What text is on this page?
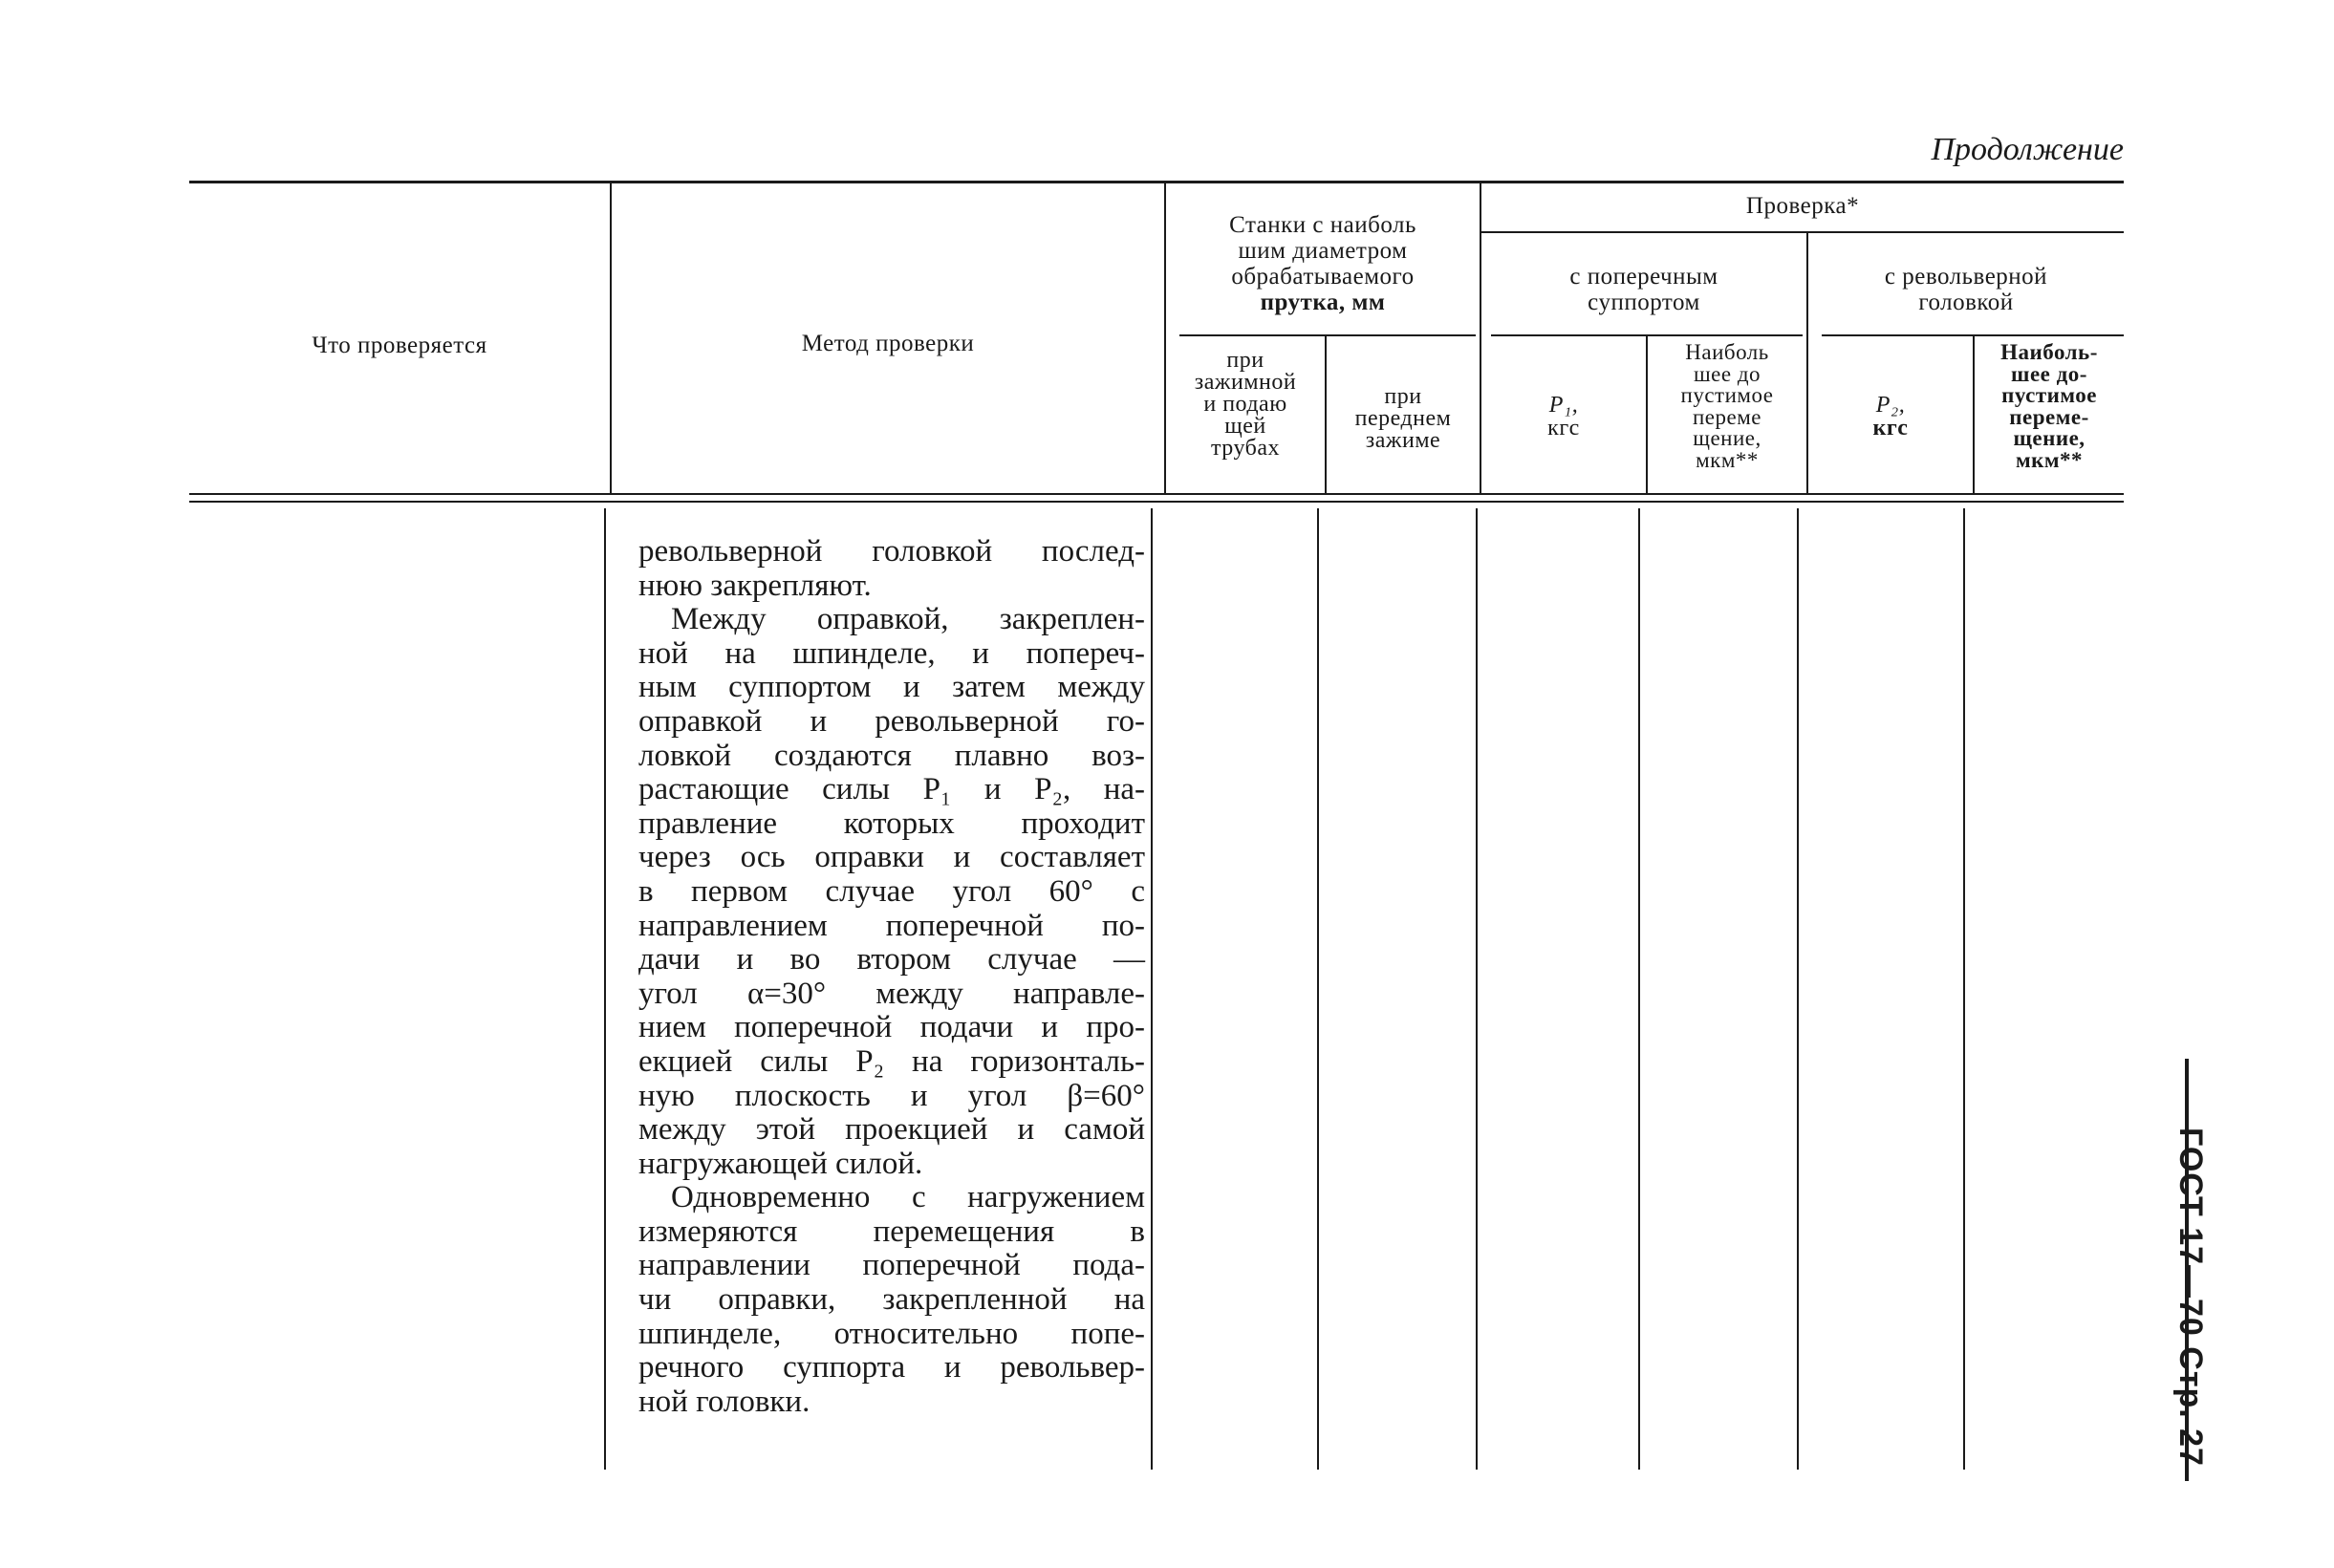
Продолжение
Что проверяется	Метод проверки
Станки с наиболь
шим диаметром
обрабатываемого
прутка, мм
при
зажимной
и подаю
щей
трубах
при
переднем
зажиме
Проверка*
с поперечным
суппортом
с револьверной
головкой
P₁,
кгс
Наиболь
шее до
пустимое
переме
щение,
мкм**
P₂,
кгс
Наиболь-
шее до-
пустимое
переме-
щение,
мкм**
револьверной головкой послед-
нюю закрепляют.
Между оправкой, закреплен-
ной на шпинделе, и попереч-
ным суппортом и затем между
оправкой и револьверной го-
ловкой создаются плавно воз-
растающие силы P₁ и P₂, на-
правление которых проходит
через ось оправки и составляет
в первом случае угол 60° с
направлением поперечной по-
дачи и во втором случае —
угол α=30° между направле-
нием поперечной подачи и про-
екцией силы P₂ на горизонталь-
ную плоскость и угол β=60°
между этой проекцией и самой
нагружающей силой.
Одновременно с нагружением
измеряются перемещения в
направлении поперечной пода-
чи оправки, закрепленной на
шпинделе, относительно попе-
речного суппорта и револьвер-
ной головки.	ГОСТ 17—70 Стр. 27
